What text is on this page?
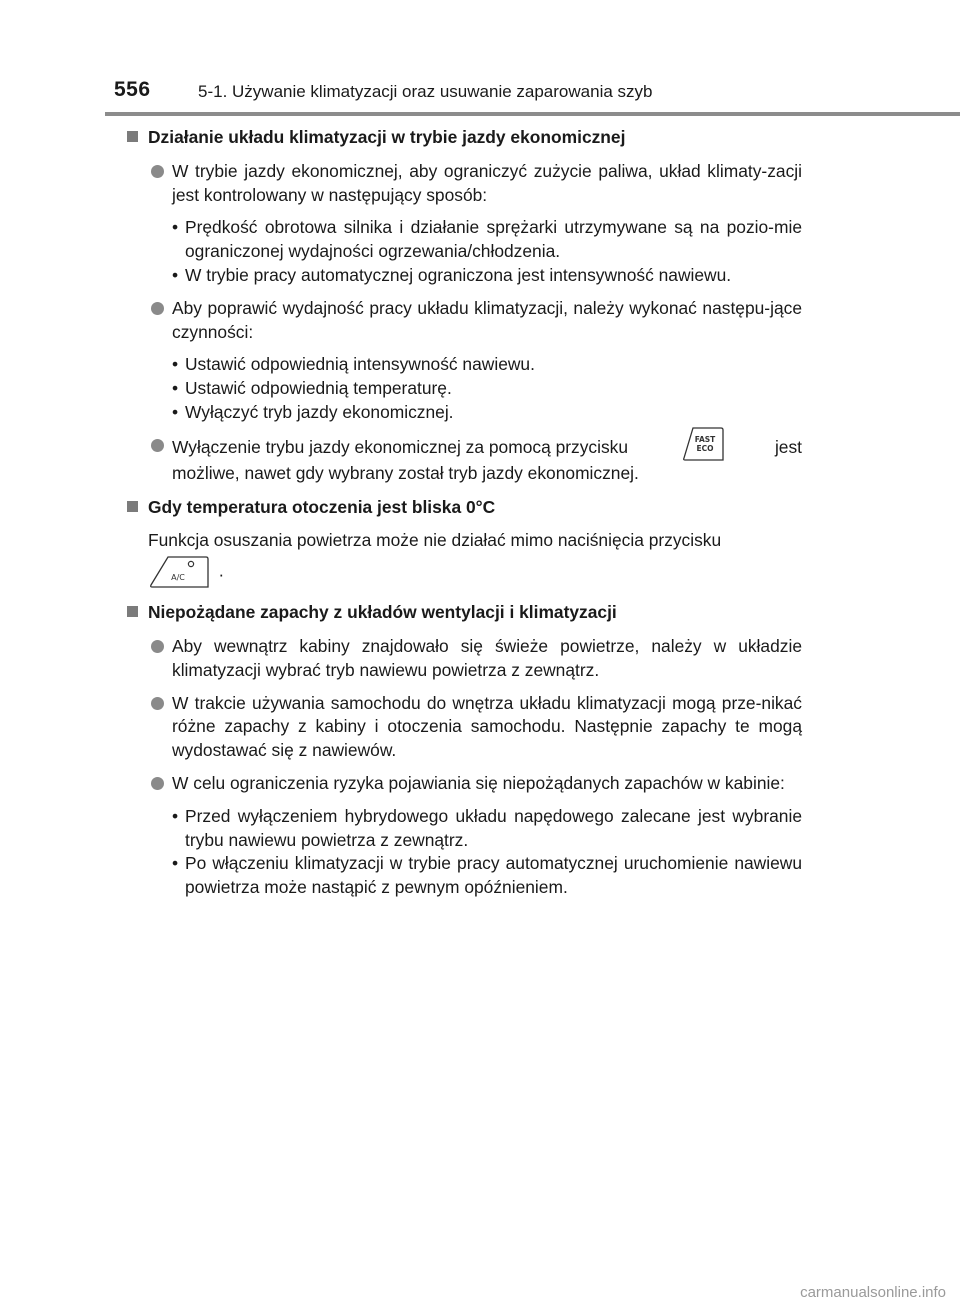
556	5-1. Używanie klimatyzacji oraz usuwanie zaparowania szyb
Działanie układu klimatyzacji w trybie jazdy ekonomicznej
W trybie jazdy ekonomicznej, aby ograniczyć zużycie paliwa, układ klimaty-zacji jest kontrolowany w następujący sposób:
• Prędkość obrotowa silnika i działanie sprężarki utrzymywane są na pozio-mie ograniczonej wydajności ogrzewania/chłodzenia.
• W trybie pracy automatycznej ograniczona jest intensywność nawiewu.
Aby poprawić wydajność pracy układu klimatyzacji, należy wykonać następu-jące czynności:
• Ustawić odpowiednią intensywność nawiewu.
• Ustawić odpowiednią temperaturę.
• Wyłączyć tryb jazdy ekonomicznej.
Wyłączenie trybu jazdy ekonomicznej za pomocą przycisku	FAST
ECO	jest
możliwe, nawet gdy wybrany został tryb jazdy ekonomicznej.
Gdy temperatura otoczenia jest bliska 0°C
Funkcja osuszania powietrza może nie działać mimo naciśnięcia przycisku
A/C .
Niepożądane zapachy z układów wentylacji i klimatyzacji
Aby wewnątrz kabiny znajdowało się świeże powietrze, należy w układzie klimatyzacji wybrać tryb nawiewu powietrza z zewnątrz.
W trakcie używania samochodu do wnętrza układu klimatyzacji mogą prze-nikać różne zapachy z kabiny i otoczenia samochodu. Następnie zapachy te mogą wydostawać się z nawiewów.
W celu ograniczenia ryzyka pojawiania się niepożądanych zapachów w kabinie:
• Przed wyłączeniem hybrydowego układu napędowego zalecane jest wybranie trybu nawiewu powietrza z zewnątrz.
• Po włączeniu klimatyzacji w trybie pracy automatycznej uruchomienie nawiewu powietrza może nastąpić z pewnym opóźnieniem.
carmanualsonline.info
